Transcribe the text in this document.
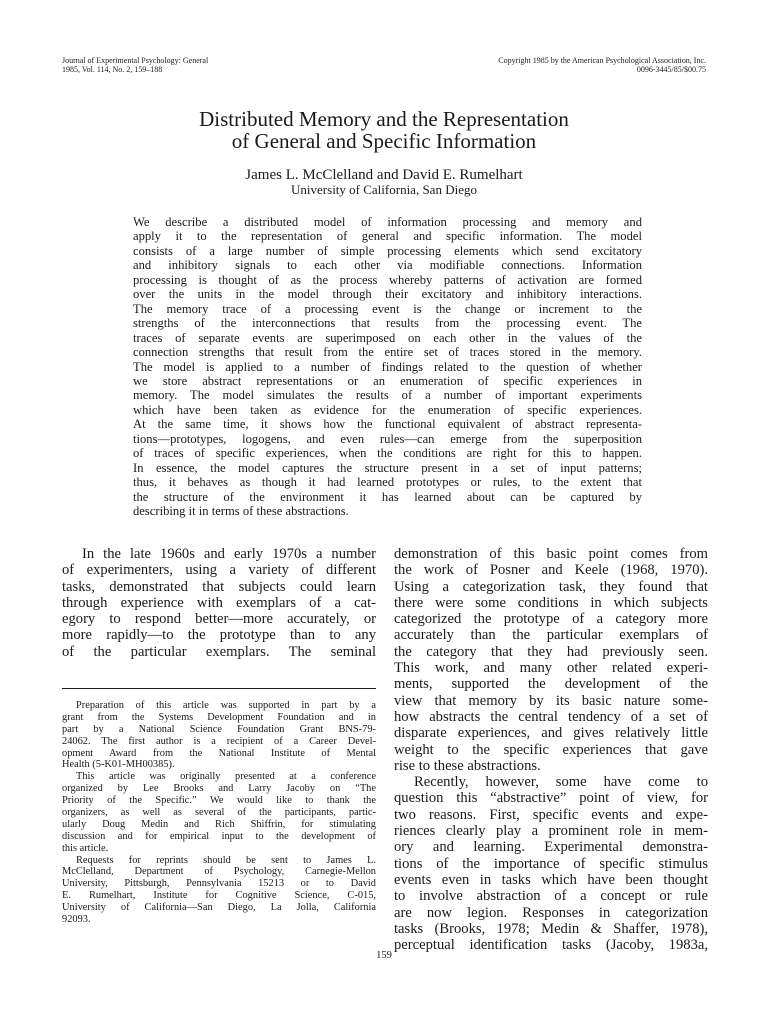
Journal of Experimental Psychology: General
1985, Vol. 114, No. 2, 159–188
Copyright 1985 by the American Psychological Association, Inc.
0096-3445/85/$00.75
Distributed Memory and the Representation
of General and Specific Information
James L. McClelland and David E. Rumelhart
University of California, San Diego
We describe a distributed model of information processing and memory and
apply it to the representation of general and specific information. The model
consists of a large number of simple processing elements which send excitatory
and inhibitory signals to each other via modifiable connections. Information
processing is thought of as the process whereby patterns of activation are formed
over the units in the model through their excitatory and inhibitory interactions.
The memory trace of a processing event is the change or increment to the
strengths of the interconnections that results from the processing event. The
traces of separate events are superimposed on each other in the values of the
connection strengths that result from the entire set of traces stored in the memory.
The model is applied to a number of findings related to the question of whether
we store abstract representations or an enumeration of specific experiences in
memory. The model simulates the results of a number of important experiments
which have been taken as evidence for the enumeration of specific experiences.
At the same time, it shows how the functional equivalent of abstract representa-
tions—prototypes, logogens, and even rules—can emerge from the superposition
of traces of specific experiences, when the conditions are right for this to happen.
In essence, the model captures the structure present in a set of input patterns;
thus, it behaves as though it had learned prototypes or rules, to the extent that
the structure of the environment it has learned about can be captured by
describing it in terms of these abstractions.
In the late 1960s and early 1970s a number
of experimenters, using a variety of different
tasks, demonstrated that subjects could learn
through experience with exemplars of a cat-
egory to respond better—more accurately, or
more rapidly—to the prototype than to any
of the particular exemplars. The seminal
Preparation of this article was supported in part by a
grant from the Systems Development Foundation and in
part by a National Science Foundation Grant BNS-79-
24062. The first author is a recipient of a Career Devel-
opment Award from the National Institute of Mental
Health (5-K01-MH00385).
This article was originally presented at a conference
organized by Lee Brooks and Larry Jacoby on “The
Priority of the Specific.” We would like to thank the
organizers, as well as several of the participants, partic-
ularly Doug Medin and Rich Shiffrin, for stimulating
discussion and for empirical input to the development of
this article.
Requests for reprints should be sent to James L.
McClelland, Department of Psychology, Carnegie-Mellon
University, Pittsburgh, Pennsylvania 15213 or to David
E. Rumelhart, Institute for Cognitive Science, C-015,
University of California—San Diego, La Jolla, California
92093.
demonstration of this basic point comes from
the work of Posner and Keele (1968, 1970).
Using a categorization task, they found that
there were some conditions in which subjects
categorized the prototype of a category more
accurately than the particular exemplars of
the category that they had previously seen.
This work, and many other related experi-
ments, supported the development of the
view that memory by its basic nature some-
how abstracts the central tendency of a set of
disparate experiences, and gives relatively little
weight to the specific experiences that gave
rise to these abstractions.
Recently, however, some have come to
question this “abstractive” point of view, for
two reasons. First, specific events and expe-
riences clearly play a prominent role in mem-
ory and learning. Experimental demonstra-
tions of the importance of specific stimulus
events even in tasks which have been thought
to involve abstraction of a concept or rule
are now legion. Responses in categorization
tasks (Brooks, 1978; Medin & Shaffer, 1978),
perceptual identification tasks (Jacoby, 1983a,
159
